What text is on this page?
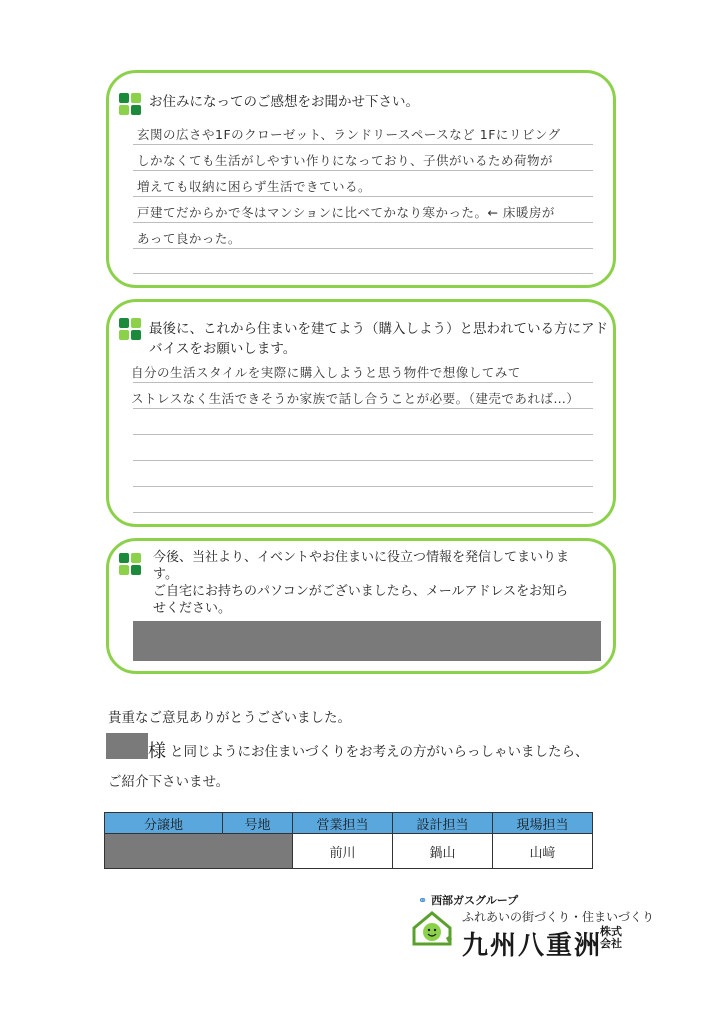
お住みになってのご感想をお聞かせ下さい。
玄関の広さや1Fのクローゼット、ランドリースペースなど 1Fにリビング
しかなくても生活がしやすい作りになっており、子供がいるため荷物が
増えても収納に困らず生活できている。
戸建てだからかで冬はマンションに比べてかなり寒かった。← 床暖房が
あって良かった。
最後に、これから住まいを建てよう（購入しよう）と思われている方にアド
バイスをお願いします。
自分の生活スタイルを実際に購入しようと思う物件で想像してみて
ストレスなく生活できそうか家族で話し合うことが必要。（建売であれば…）
今後、当社より、イベントやお住まいに役立つ情報を発信してまいりま
す。
ご自宅にお持ちのパソコンがございましたら、メールアドレスをお知ら
せください。
貴重なご意見ありがとうございました。
様 と同じようにお住まいづくりをお考えの方がいらっしゃいましたら、
ご紹介下さいませ。
分譲地	号地	営業担当	設計担当	現場担当
		前川	鍋山	山﨑
⚭ 西部ガスグループ
ふれあいの街づくり・住まいづくり
九州八重洲
株式会社
